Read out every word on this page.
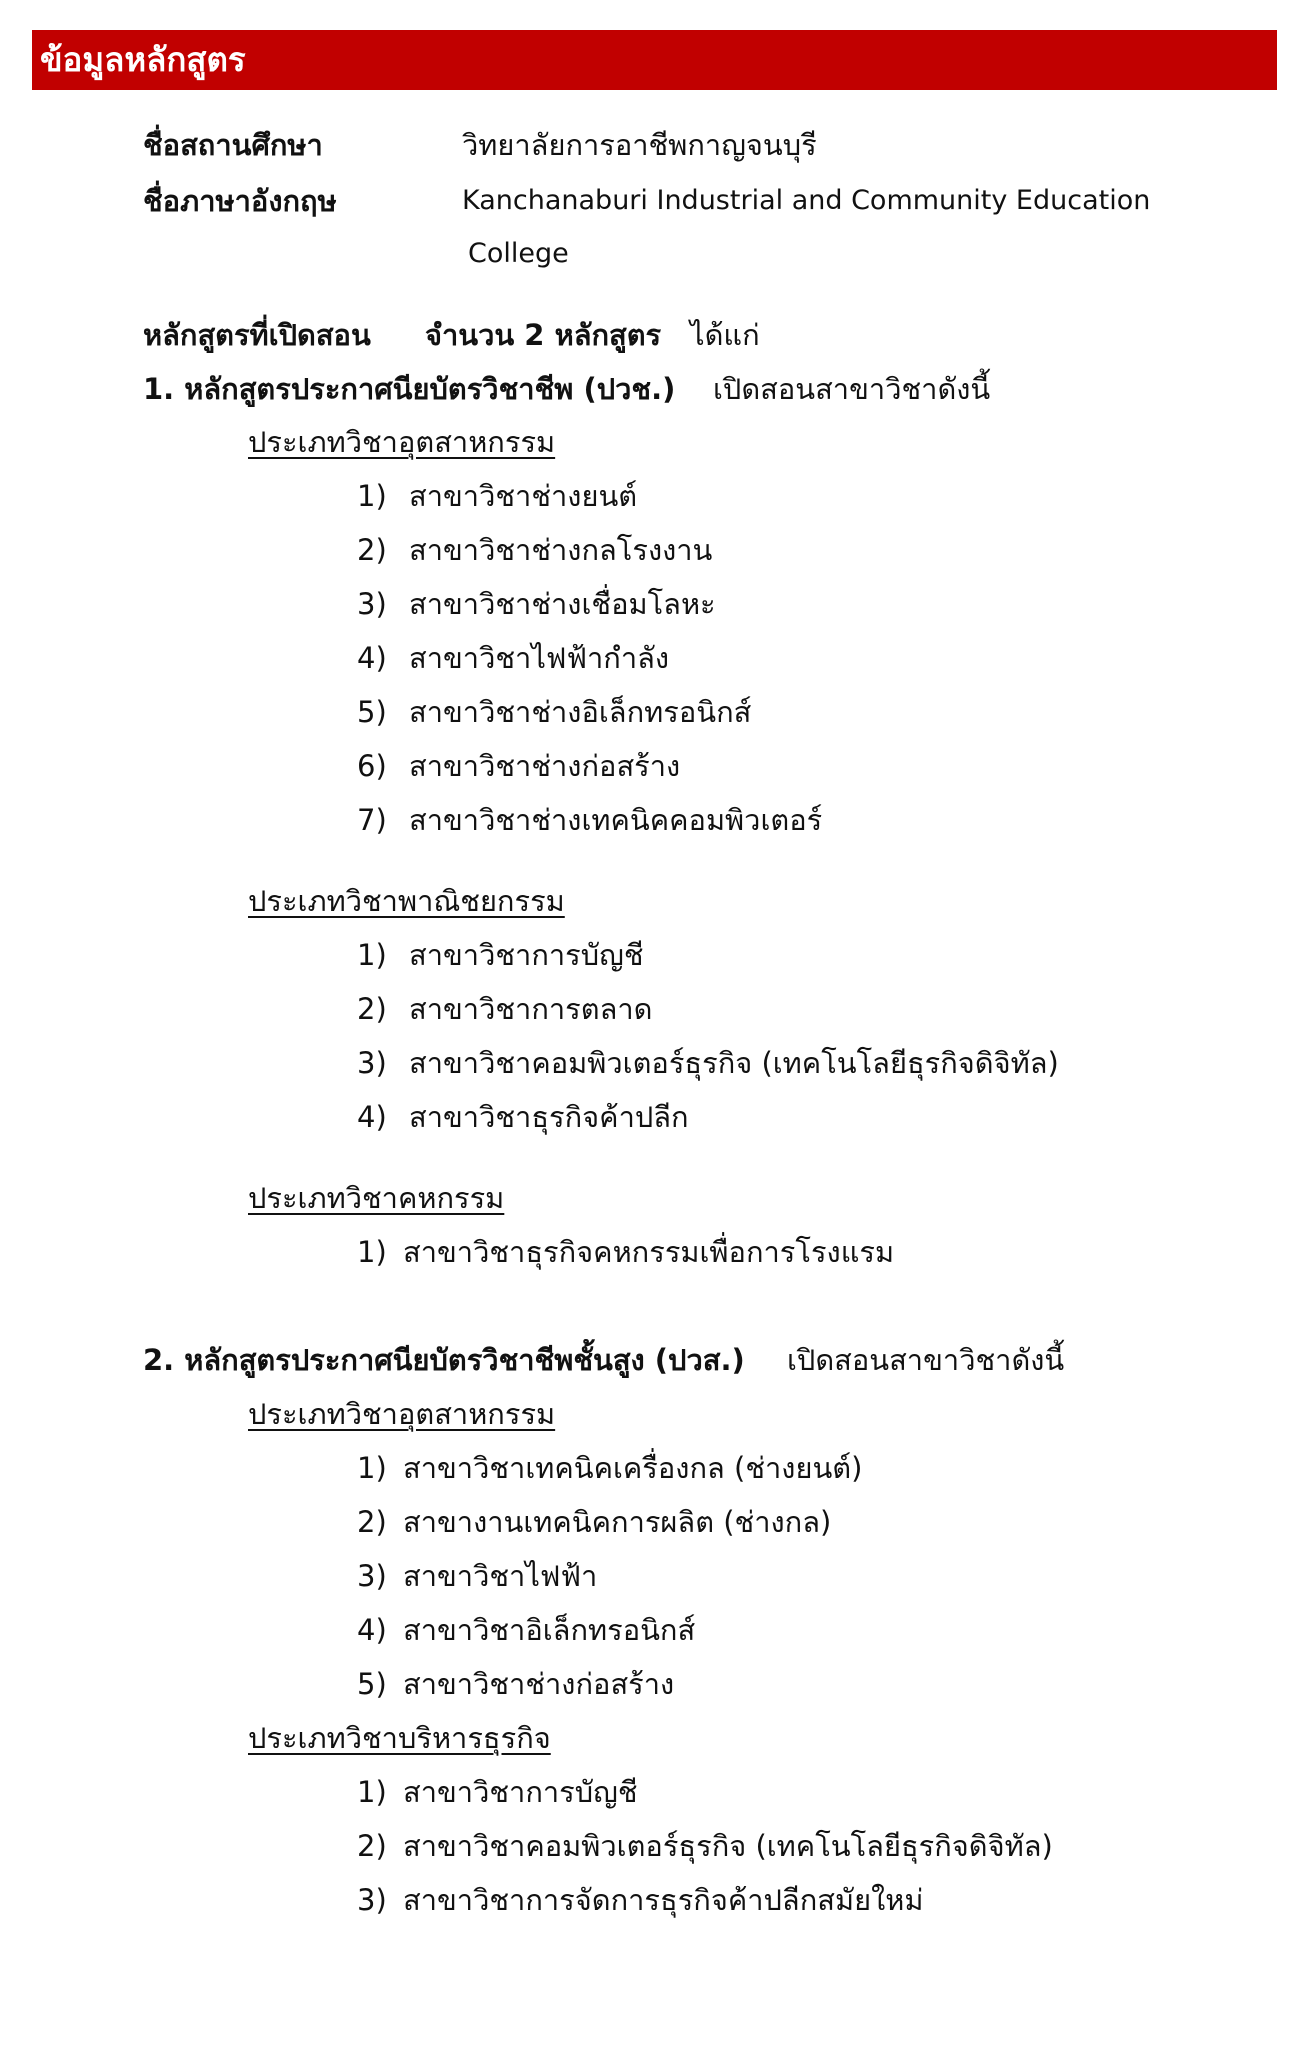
ข้อมูลหลักสูตร
ชื่อสถานศึกษา	วิทยาลัยการอาชีพกาญจนบุรี
ชื่อภาษาอังกฤษ	Kanchanaburi Industrial and Community Education
College
หลักสูตรที่เปิดสอน จำนวน 2 หลักสูตร ได้แก่
1. หลักสูตรประกาศนียบัตรวิชาชีพ (ปวช.) เปิดสอนสาขาวิชาดังนี้
ประเภทวิชาอุตสาหกรรม
1) สาขาวิชาช่างยนต์
2) สาขาวิชาช่างกลโรงงาน
3) สาขาวิชาช่างเชื่อมโลหะ
4) สาขาวิชาไฟฟ้ากำลัง
5) สาขาวิชาช่างอิเล็กทรอนิกส์
6) สาขาวิชาช่างก่อสร้าง
7) สาขาวิชาช่างเทคนิคคอมพิวเตอร์
ประเภทวิชาพาณิชยกรรม
1) สาขาวิชาการบัญชี
2) สาขาวิชาการตลาด
3) สาขาวิชาคอมพิวเตอร์ธุรกิจ (เทคโนโลยีธุรกิจดิจิทัล)
4) สาขาวิชาธุรกิจค้าปลีก
ประเภทวิชาคหกรรม
1) สาขาวิชาธุรกิจคหกรรมเพื่อการโรงแรม
2. หลักสูตรประกาศนียบัตรวิชาชีพชั้นสูง (ปวส.) เปิดสอนสาขาวิชาดังนี้
ประเภทวิชาอุตสาหกรรม
1) สาขาวิชาเทคนิคเครื่องกล (ช่างยนต์)
2) สาขางานเทคนิคการผลิต (ช่างกล)
3) สาขาวิชาไฟฟ้า
4) สาขาวิชาอิเล็กทรอนิกส์
5) สาขาวิชาช่างก่อสร้าง
ประเภทวิชาบริหารธุรกิจ
1) สาขาวิชาการบัญชี
2) สาขาวิชาคอมพิวเตอร์ธุรกิจ (เทคโนโลยีธุรกิจดิจิทัล)
3) สาขาวิชาการจัดการธุรกิจค้าปลีกสมัยใหม่
